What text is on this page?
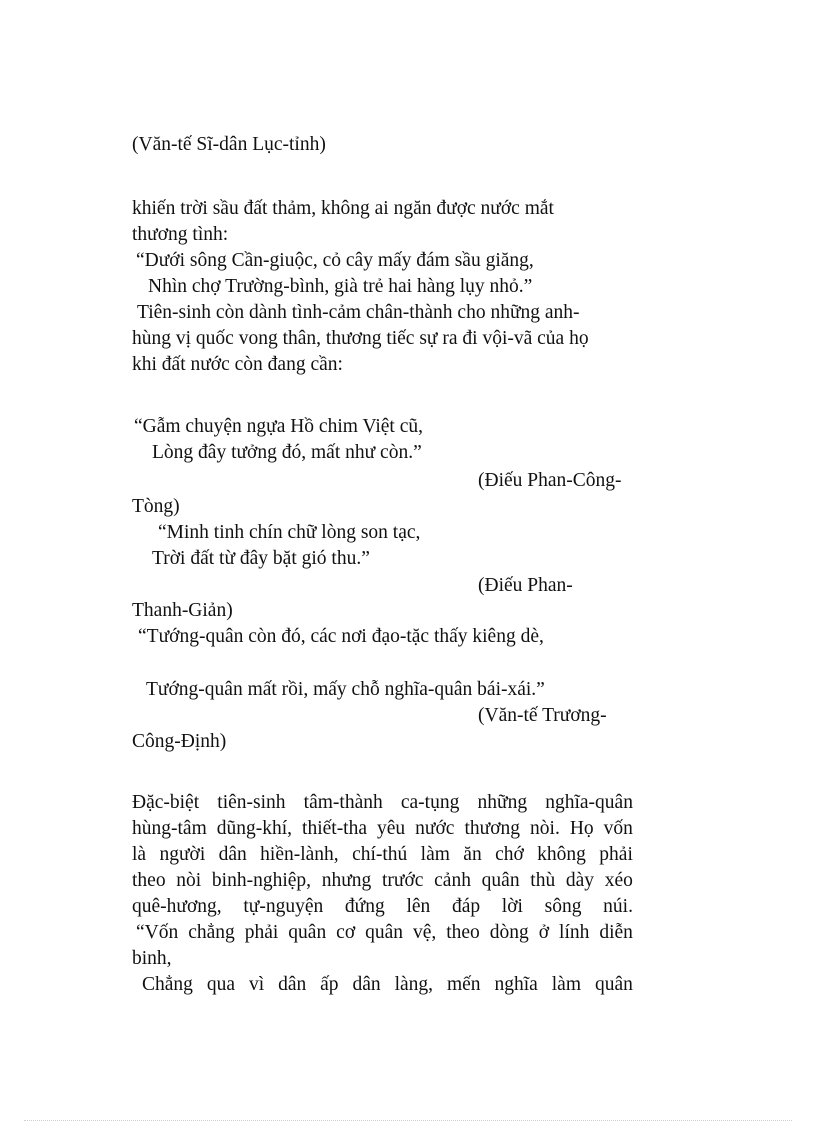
(Văn-tế Sĩ-dân Lục-tỉnh)
khiến trời sầu đất thảm, không ai ngăn được nước mắt
thương tình:
“Dưới sông Cần-giuộc, cỏ cây mấy đám sầu giăng,
Nhìn chợ Trường-bình, già trẻ hai hàng lụy nhỏ.”
Tiên-sinh còn dành tình-cảm chân-thành cho những anh-
hùng vị quốc vong thân, thương tiếc sự ra đi vội-vã của họ
khi đất nước còn đang cần:
“Gẫm chuyện ngựa Hồ chim Việt cũ,
Lòng đây tưởng đó, mất như còn.”
(Điếu Phan-Công-
Tòng)
“Minh tinh chín chữ lòng son tạc,
Trời đất từ đây bặt gió thu.”
(Điếu Phan-
Thanh-Giản)
“Tướng-quân còn đó, các nơi đạo-tặc thấy kiêng dè,
Tướng-quân mất rồi, mấy chỗ nghĩa-quân bái-xái.”
(Văn-tế Trương-
Công-Định)
Đặc-biệt tiên-sinh tâm-thành ca-tụng những nghĩa-quân
hùng-tâm dũng-khí, thiết-tha yêu nước thương nòi. Họ vốn
là người dân hiền-lành, chí-thú làm ăn chớ không phải
theo nòi binh-nghiệp, nhưng trước cảnh quân thù dày xéo
quê-hương, tự-nguyện đứng lên đáp lời sông núi.
“Vốn chẳng phải quân cơ quân vệ, theo dòng ở lính diễn
binh,
Chẳng qua vì dân ấp dân làng, mến nghĩa làm quân
